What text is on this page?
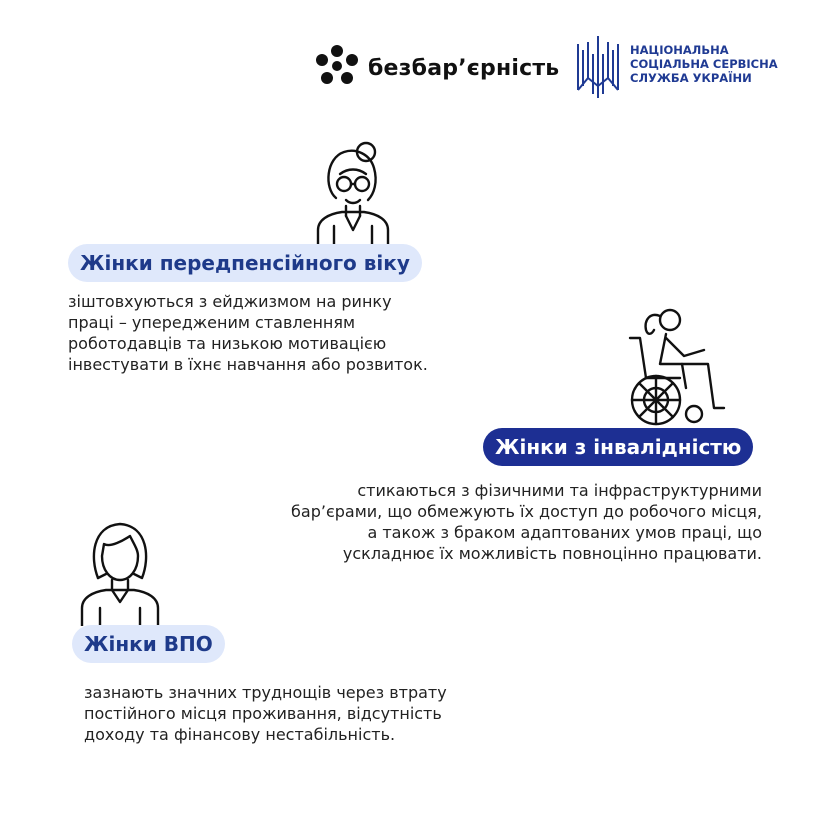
безбар’єрність
НАЦІОНАЛЬНА
СОЦІАЛЬНА СЕРВІСНА
СЛУЖБА УКРАЇНИ
Жінки передпенсійного віку
зіштовхуються з ейджизмом на ринку
праці – упередженим ставленням
роботодавців та низькою мотивацією
інвестувати в їхнє навчання або розвиток.
Жінки з інвалідністю
стикаються з фізичними та інфраструктурними
бар’єрами, що обмежують їх доступ до робочого місця,
а також з браком адаптованих умов праці, що
ускладнює їх можливість повноцінно працювати.
Жінки ВПО
зазнають значних труднощів через втрату
постійного місця проживання, відсутність
доходу та фінансову нестабільність.
